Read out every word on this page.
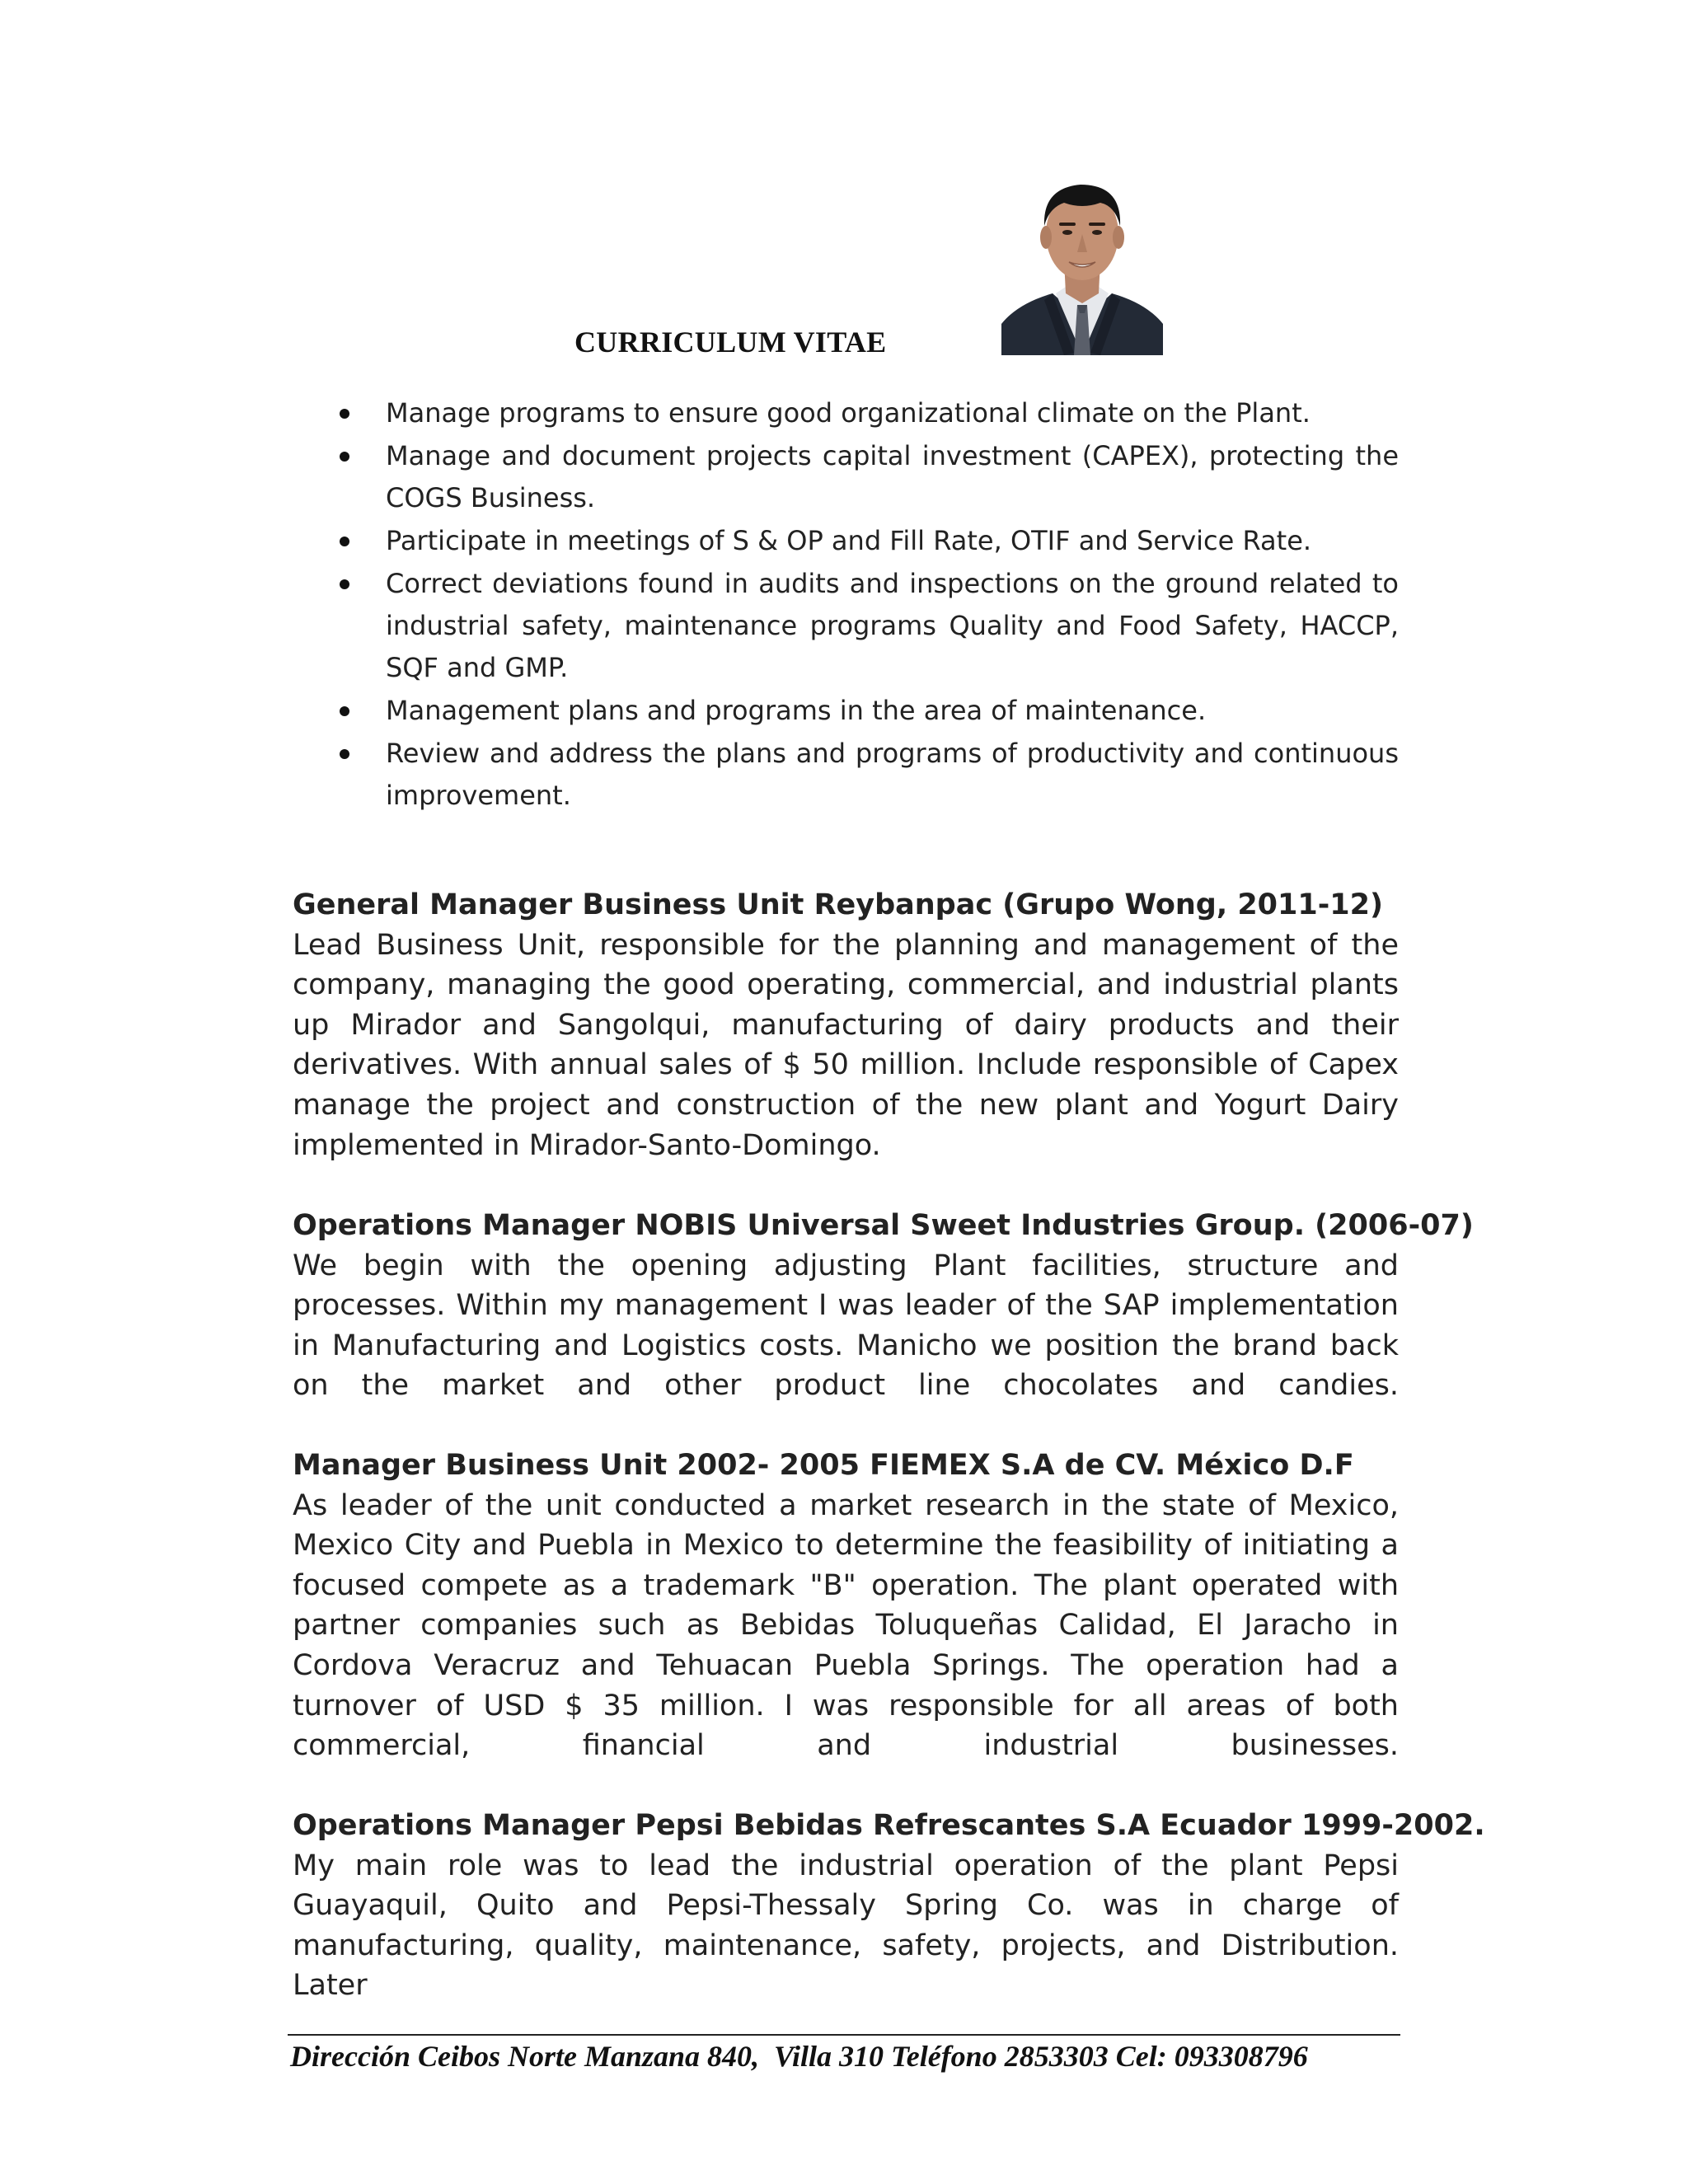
CURRICULUM VITAE
Manage programs to ensure good organizational climate on the Plant.
Manage and document projects capital investment (CAPEX), protecting the COGS Business.
Participate in meetings of S & OP and Fill Rate, OTIF and Service Rate.
Correct deviations found in audits and inspections on the ground related to industrial safety, maintenance programs Quality and Food Safety, HACCP, SQF and GMP.
Management plans and programs in the area of maintenance.
Review and address the plans and programs of productivity and continuous improvement.
General Manager Business Unit Reybanpac (Grupo Wong, 2011-12)

Lead Business Unit, responsible for the planning and management of the company, managing the good operating, commercial, and industrial plants up Mirador and Sangolqui, manufacturing of dairy products and their derivatives. With annual sales of $ 50 million. Include responsible of Capex manage the project and construction of the new plant and Yogurt Dairy implemented in Mirador-Santo-Domingo.

Operations Manager NOBIS Universal Sweet Industries Group. (2006-07)

We begin with the opening adjusting Plant facilities, structure and processes. Within my management I was leader of the SAP implementation in Manufacturing and Logistics costs. Manicho we position the brand back on the market and other product line chocolates and candies.

Manager Business Unit 2002- 2005 FIEMEX S.A de CV. México D.F

As leader of the unit conducted a market research in the state of Mexico, Mexico City and Puebla in Mexico to determine the feasibility of initiating a focused compete as a trademark "B" operation. The plant operated with partner companies such as Bebidas Toluqueñas Calidad, El Jaracho in Cordova Veracruz and Tehuacan Puebla Springs. The operation had a turnover of USD $ 35 million. I was responsible for all areas of both commercial, financial and industrial businesses.

Operations Manager Pepsi Bebidas Refrescantes S.A Ecuador 1999-2002.

My main role was to lead the industrial operation of the plant Pepsi Guayaquil, Quito and Pepsi-Thessaly Spring Co. was in charge of manufacturing, quality, maintenance, safety, projects, and Distribution. Later

Dirección Ceibos Norte Manzana 840,  Villa 310 Teléfono 2853303 Cel: 093308796
